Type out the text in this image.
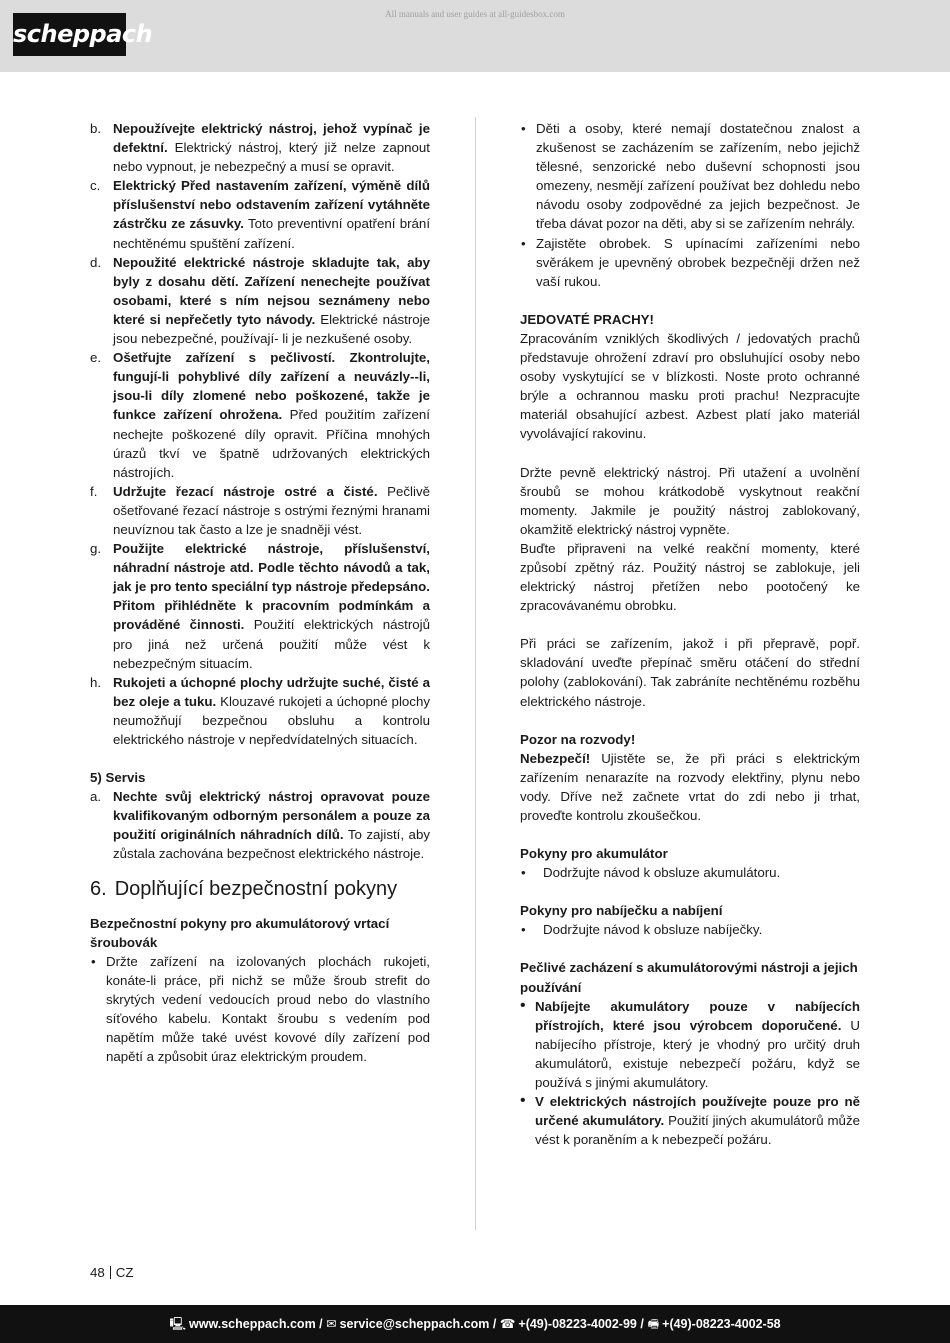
scheppach
All manuals and user guides at all-guidesbox.com
b. Nepoužívejte elektrický nástroj, jehož vypínač je defektní. Elektrický nástroj, který již nelze zapnout nebo vypnout, je nebezpečný a musí se opravit.
c. Elektrický Před nastavením zařízení, výměně dílů příslušenství nebo odstavením zařízení vytáhněte zástrčku ze zásuvky. Toto preventivní opatření brání nechtěnému spuštění zařízení.
d. Nepoužité elektrické nástroje skladujte tak, aby byly z dosahu dětí. Zařízení nenechejte používat osobami, které s ním nejsou seznámeny nebo které si nepřečetly tyto návody. Elektrické nástroje jsou nebezpečné, používají- li je nezkušené osoby.
e. Ošetřujte zařízení s pečlivostí. Zkontrolujte, fungují-li pohyblivé díly zařízení a neuvázly--li, jsou-li díly zlomené nebo poškozené, takže je funkce zařízení ohrožena. Před použitím zařízení nechejte poškozené díly opravit. Příčina mnohých úrazů tkví ve špatně udržovaných elektrických nástrojích.
f. Udržujte řezací nástroje ostré a čisté. Pečlivě ošetřované řezací nástroje s ostrými řeznými hranami neuvíznou tak často a lze je snadněji vést.
g. Použijte elektrické nástroje, příslušenství, náhradní nástroje atd. Podle těchto návodů a tak, jak je pro tento speciální typ nástroje předepsáno. Přitom přihlédněte k pracovním podmínkám a prováděné činnosti. Použití elektrických nástrojů pro jiná než určená použití může vést k nebezpečným situacím.
h. Rukojeti a úchopné plochy udržujte suché, čisté a bez oleje a tuku. Klouzavé rukojeti a úchopné plochy neumožňují bezpečnou obsluhu a kontrolu elektrického nástroje v nepředvídatelných situacích.
5) Servis
a. Nechte svůj elektrický nástroj opravovat pouze kvalifikovaným odborným personálem a pouze za použití originálních náhradních dílů. To zajistí, aby zůstala zachována bezpečnost elektrického nástroje.
6. Doplňující bezpečnostní pokyny
Bezpečnostní pokyny pro akumulátorový vrtací šroubovák
• Držte zařízení na izolovaných plochách rukojeti, konáte-li práce, při nichž se může šroub strefit do skrytých vedení vedoucích proud nebo do vlastního síťového kabelu. Kontakt šroubu s vedením pod napětím může také uvést kovové díly zařízení pod napětí a způsobit úraz elektrickým proudem.
• Děti a osoby, které nemají dostatečnou znalost a zkušenost se zacházením se zařízením, nebo jejichž tělesné, senzorické nebo duševní schopnosti jsou omezeny, nesmějí zařízení používat bez dohledu nebo návodu osoby zodpovědné za jejich bezpečnost. Je třeba dávat pozor na děti, aby si se zařízením nehrály.
• Zajistěte obrobek. S upínacími zařízeními nebo svěrákem je upevněný obrobek bezpečněji držen než vaší rukou.
JEDOVATÉ PRACHY!
Zpracováním vzniklých škodlivých / jedovatých prachů představuje ohrožení zdraví pro obsluhující osoby nebo osoby vyskytující se v blízkosti. Noste proto ochranné brýle a ochrannou masku proti prachu! Nezpracujte materiál obsahující azbest. Azbest platí jako materiál vyvolávající rakovinu.
Držte pevně elektrický nástroj. Při utažení a uvolnění šroubů se mohou krátkodobě vyskytnout reakční momenty. Jakmile je použitý nástroj zablokovaný, okamžitě elektrický nástroj vypněte.
Buďte připraveni na velké reakční momenty, které způsobí zpětný ráz. Použitý nástroj se zablokuje, jeli elektrický nástroj přetížen nebo pootočený ke zpracovávanému obrobku.
Při práci se zařízením, jakož i při přepravě, popř. skladování uveďte přepínač směru otáčení do střední polohy (zablokování). Tak zabráníte nechtěnému rozběhu elektrického nástroje.
Pozor na rozvody!
Nebezpečí! Ujistěte se, že při práci s elektrickým zařízením nenarazíte na rozvody elektřiny, plynu nebo vody. Dříve než začnete vrtat do zdi nebo ji trhat, proveďte kontrolu zkoušečkou.
Pokyny pro akumulátor
• Dodržujte návod k obsluze akumulátoru.
Pokyny pro nabíječku a nabíjení
• Dodržujte návod k obsluze nabíječky.
Pečlivé zacházení s akumulátorovými nástroji a jejich používání
• Nabíjejte akumulátory pouze v nabíjecích přístrojích, které jsou výrobcem doporučené. U nabíjecího přístroje, který je vhodný pro určitý druh akumulátorů, existuje nebezpečí požáru, když se používá s jinými akumulátory.
• V elektrických nástrojích používejte pouze pro ně určené akumulátory. Použití jiných akumulátorů může vést k poraněním a k nebezpečí požáru.
48 CZ
🖳 www.scheppach.com / ✉ service@scheppach.com / ☎ +(49)-08223-4002-99 / 🖷 +(49)-08223-4002-58
